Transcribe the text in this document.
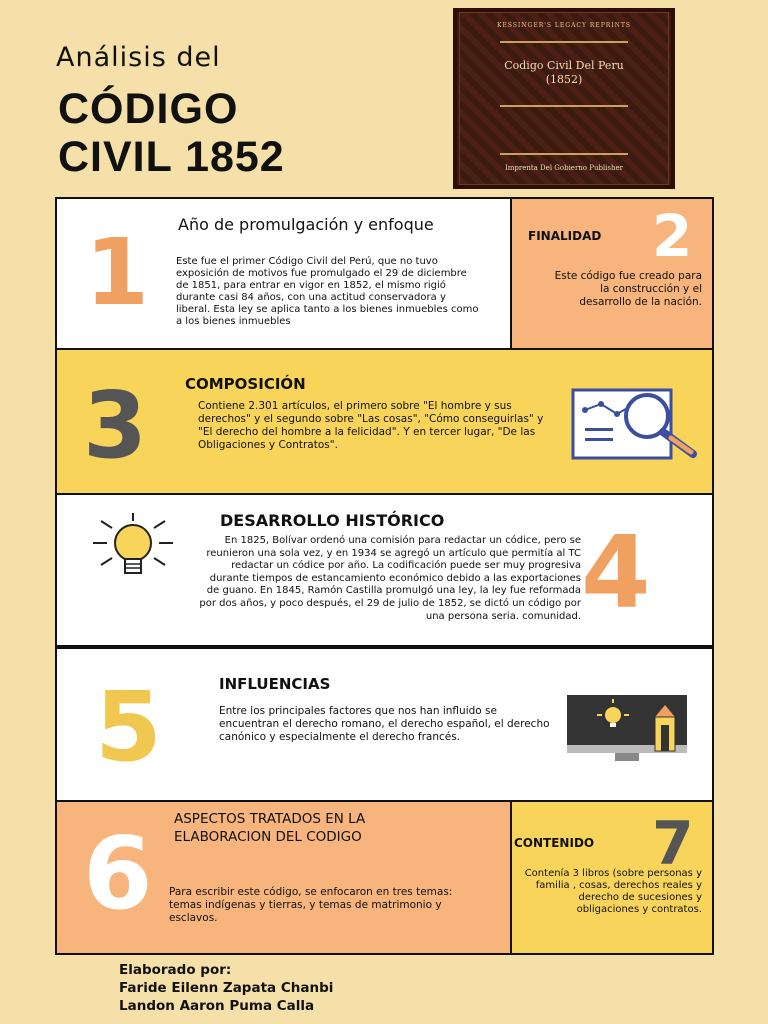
Análisis del
CÓDIGO
CIVIL 1852
KESSINGER'S LEGACY REPRINTS
Codigo Civil Del Peru
(1852)
Imprenta Del Gobierno Publisher
1 Año de promulgación y enfoque
Este fue el primer Código Civil del Perú, que no tuvo exposición de motivos fue promulgado el 29 de diciembre de 1851, para entrar en vigor en 1852, el mismo rigió durante casi 84 años, con una actitud conservadora y liberal. Esta ley se aplica tanto a los bienes inmuebles como a los bienes inmuebles
FINALIDAD 2
Este código fue creado para la construcción y el desarrollo de la nación.
3	COMPOSICIÓN
Contiene 2.301 artículos, el primero sobre "El hombre y sus derechos" y el segundo sobre "Las cosas", "Cómo conseguirlas" y "El derecho del hombre a la felicidad". Y en tercer lugar, "De las Obligaciones y Contratos".
DESARROLLO HISTÓRICO
En 1825, Bolívar ordenó una comisión para redactar un códice, pero se reunieron una sola vez, y en 1934 se agregó un artículo que permitía al TC redactar un códice por año. La codificación puede ser muy progresiva durante tiempos de estancamiento económico debido a las exportaciones de guano. En 1845, Ramón Castilla promulgó una ley, la ley fue reformada por dos años, y poco después, el 29 de julio de 1852, se dictó un código por una persona seria. comunidad. 4
5	INFLUENCIAS
Entre los principales factores que nos han influido se encuentran el derecho romano, el derecho español, el derecho canónico y especialmente el derecho francés.
6 ASPECTOS TRATADOS EN LA ELABORACION DEL CODIGO
Para escribir este código, se enfocaron en tres temas: temas indígenas y tierras, y temas de matrimonio y esclavos.
CONTENIDO 7
Contenía 3 libros (sobre personas y familia , cosas, derechos reales y derecho de sucesiones y obligaciones y contratos.
Elaborado por:
Faride Eilenn Zapata Chanbi
Landon Aaron Puma Calla
